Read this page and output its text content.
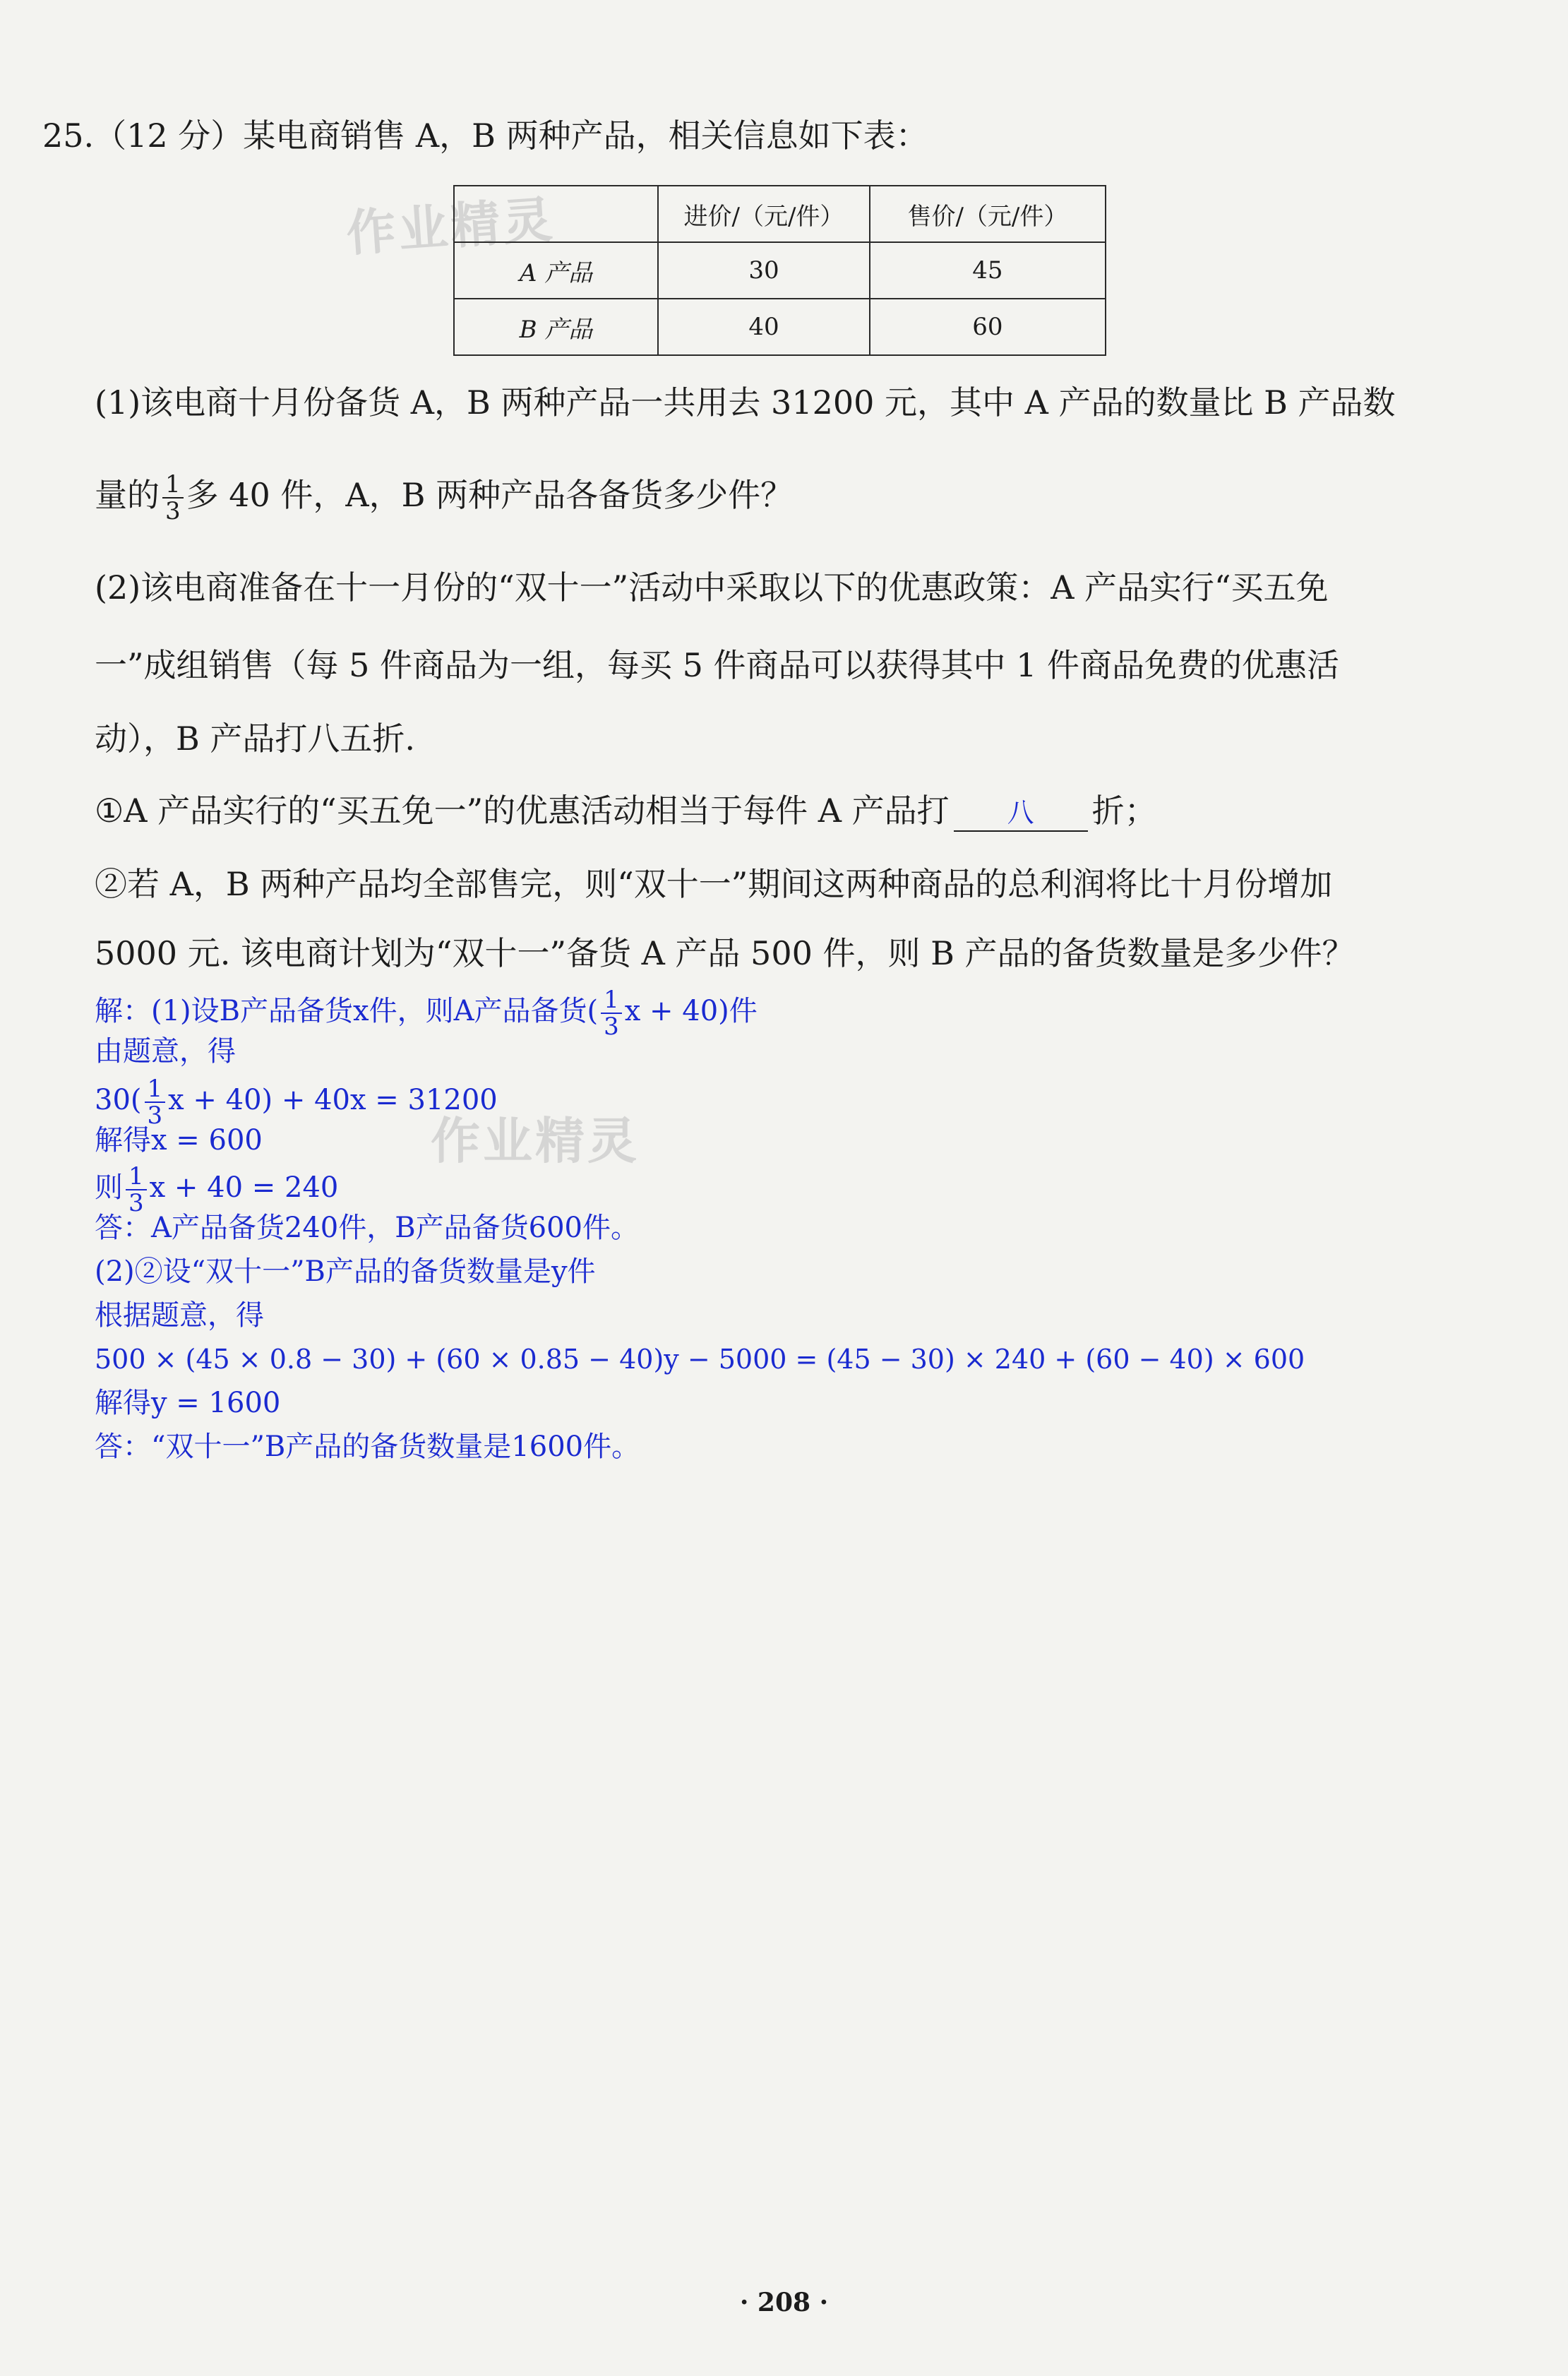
作业精灵
作业精灵
25.（12 分）某电商销售 A，B 两种产品，相关信息如下表：
	进价/（元/件）	售价/（元/件）
A 产品	30	45
B 产品	40	60
(1)该电商十月份备货 A，B 两种产品一共用去 31200 元，其中 A 产品的数量比 B 产品数
量的 $\frac{1}{3}$ 多 40 件，A，B 两种产品各备货多少件？
(2)该电商准备在十一月份的“双十一”活动中采取以下的优惠政策：A 产品实行“买五免
一”成组销售（每 5 件商品为一组，每买 5 件商品可以获得其中 1 件商品免费的优惠活
动），B 产品打八五折.
①A 产品实行的“买五免一”的优惠活动相当于每件 A 产品打 八 折；
②若 A，B 两种产品均全部售完，则“双十一”期间这两种商品的总利润将比十月份增加
5000 元. 该电商计划为“双十一”备货 A 产品 500 件，则 B 产品的备货数量是多少件？
解：(1)设B产品备货x件，则A产品备货( $\frac{1}{3}$ x + 40)件
由题意，得
$30( \frac{1}{3}$ x + 40) + 40x = 31200
解得x = 600
则 $\frac{1}{3}$ x + 40 = 240
答：A产品备货240件，B产品备货600件。
(2)②设“双十一”B产品的备货数量是y件
根据题意，得
500 × (45 × 0.8 − 30) + (60 × 0.85 − 40)y − 5000 = (45 − 30) × 240 + (60 − 40) × 600
解得y = 1600
答：“双十一”B产品的备货数量是1600件。
· 208 ·
